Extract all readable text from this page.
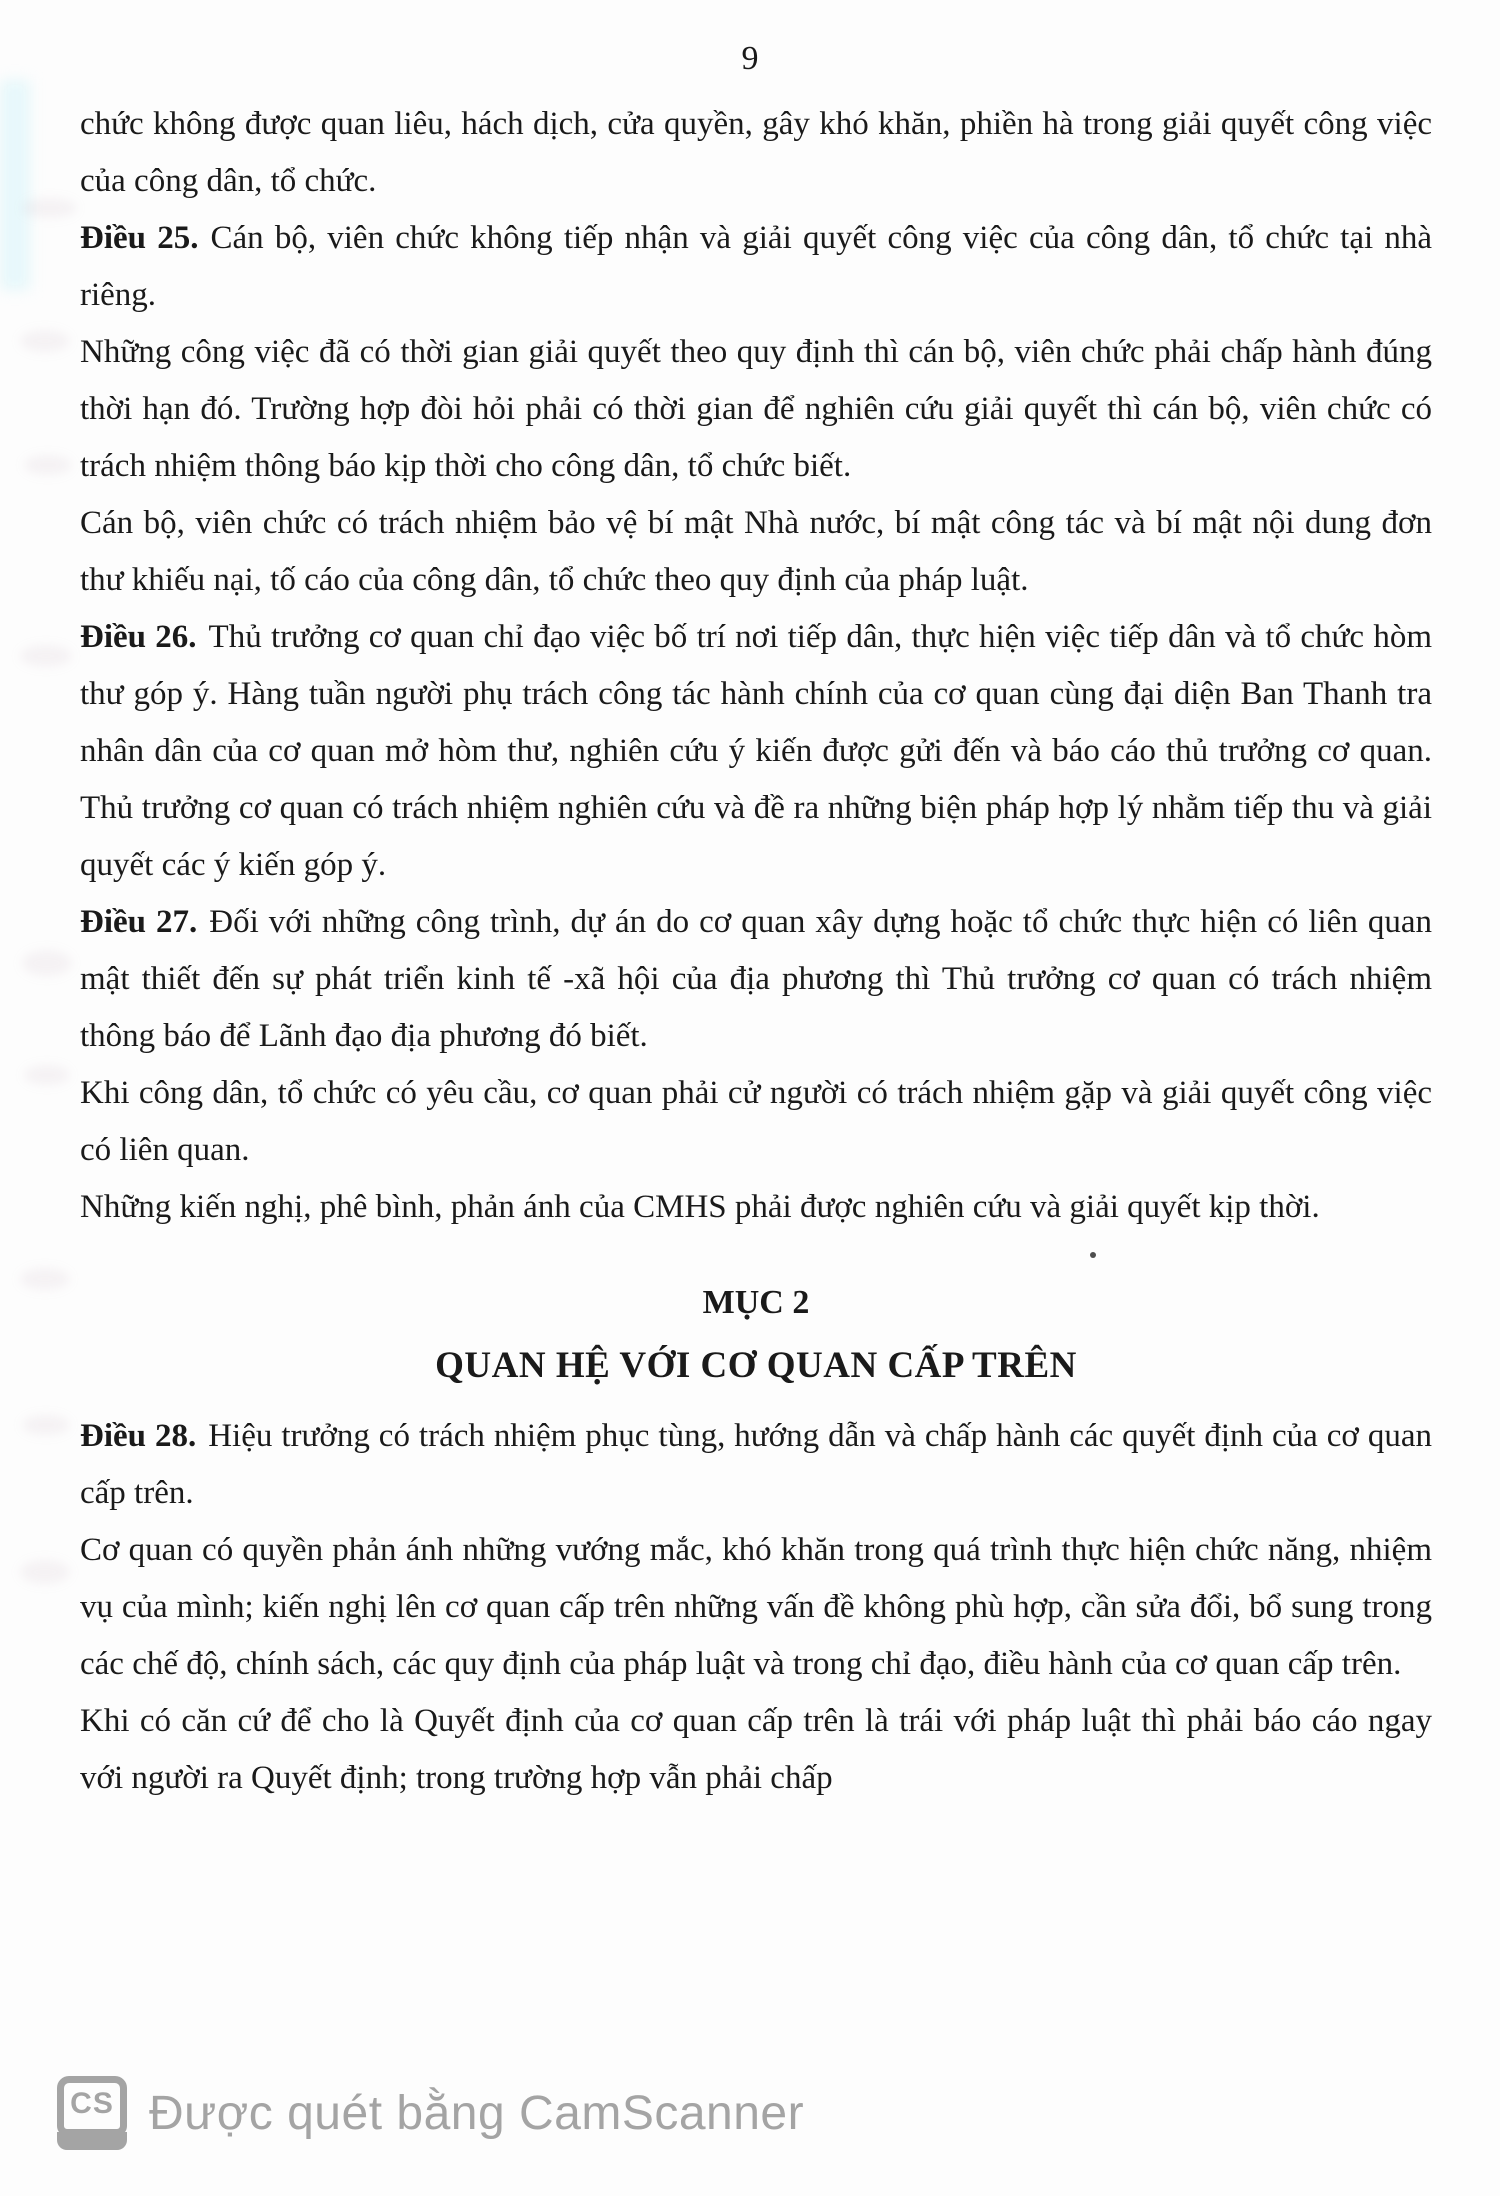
9

chức không được quan liêu, hách dịch, cửa quyền, gây khó khăn, phiền hà trong giải quyết công việc của công dân, tổ chức.

Điều 25. Cán bộ, viên chức không tiếp nhận và giải quyết công việc của công dân, tổ chức tại nhà riêng.

Những công việc đã có thời gian giải quyết theo quy định thì cán bộ, viên chức phải chấp hành đúng thời hạn đó. Trường hợp đòi hỏi phải có thời gian để nghiên cứu giải quyết thì cán bộ, viên chức có trách nhiệm thông báo kịp thời cho công dân, tổ chức biết.

Cán bộ, viên chức có trách nhiệm bảo vệ bí mật Nhà nước, bí mật công tác và bí mật nội dung đơn thư khiếu nại, tố cáo của công dân, tổ chức theo quy định của pháp luật.

Điều 26. Thủ trưởng cơ quan chỉ đạo việc bố trí nơi tiếp dân, thực hiện việc tiếp dân và tổ chức hòm thư góp ý. Hàng tuần người phụ trách công tác hành chính của cơ quan cùng đại diện Ban Thanh tra nhân dân của cơ quan mở hòm thư, nghiên cứu ý kiến được gửi đến và báo cáo thủ trưởng cơ quan. Thủ trưởng cơ quan có trách nhiệm nghiên cứu và đề ra những biện pháp hợp lý nhằm tiếp thu và giải quyết các ý kiến góp ý.

Điều 27. Đối với những công trình, dự án do cơ quan xây dựng hoặc tổ chức thực hiện có liên quan mật thiết đến sự phát triển kinh tế -xã hội của địa phương thì Thủ trưởng cơ quan có trách nhiệm thông báo để Lãnh đạo địa phương đó biết.

Khi công dân, tổ chức có yêu cầu, cơ quan phải cử người có trách nhiệm gặp và giải quyết công việc có liên quan.

Những kiến nghị, phê bình, phản ánh của CMHS phải được nghiên cứu và giải quyết kịp thời.

MỤC 2
QUAN HỆ VỚI CƠ QUAN CẤP TRÊN

Điều 28. Hiệu trưởng có trách nhiệm phục tùng, hướng dẫn và chấp hành các quyết định của cơ quan cấp trên.

Cơ quan có quyền phản ánh những vướng mắc, khó khăn trong quá trình thực hiện chức năng, nhiệm vụ của mình; kiến nghị lên cơ quan cấp trên những vấn đề không phù hợp, cần sửa đổi, bổ sung trong các chế độ, chính sách, các quy định của pháp luật và trong chỉ đạo, điều hành của cơ quan cấp trên.

Khi có căn cứ để cho là Quyết định của cơ quan cấp trên là trái với pháp luật thì phải báo cáo ngay với người ra Quyết định; trong trường hợp vẫn phải chấp

CS Được quét bằng CamScanner
